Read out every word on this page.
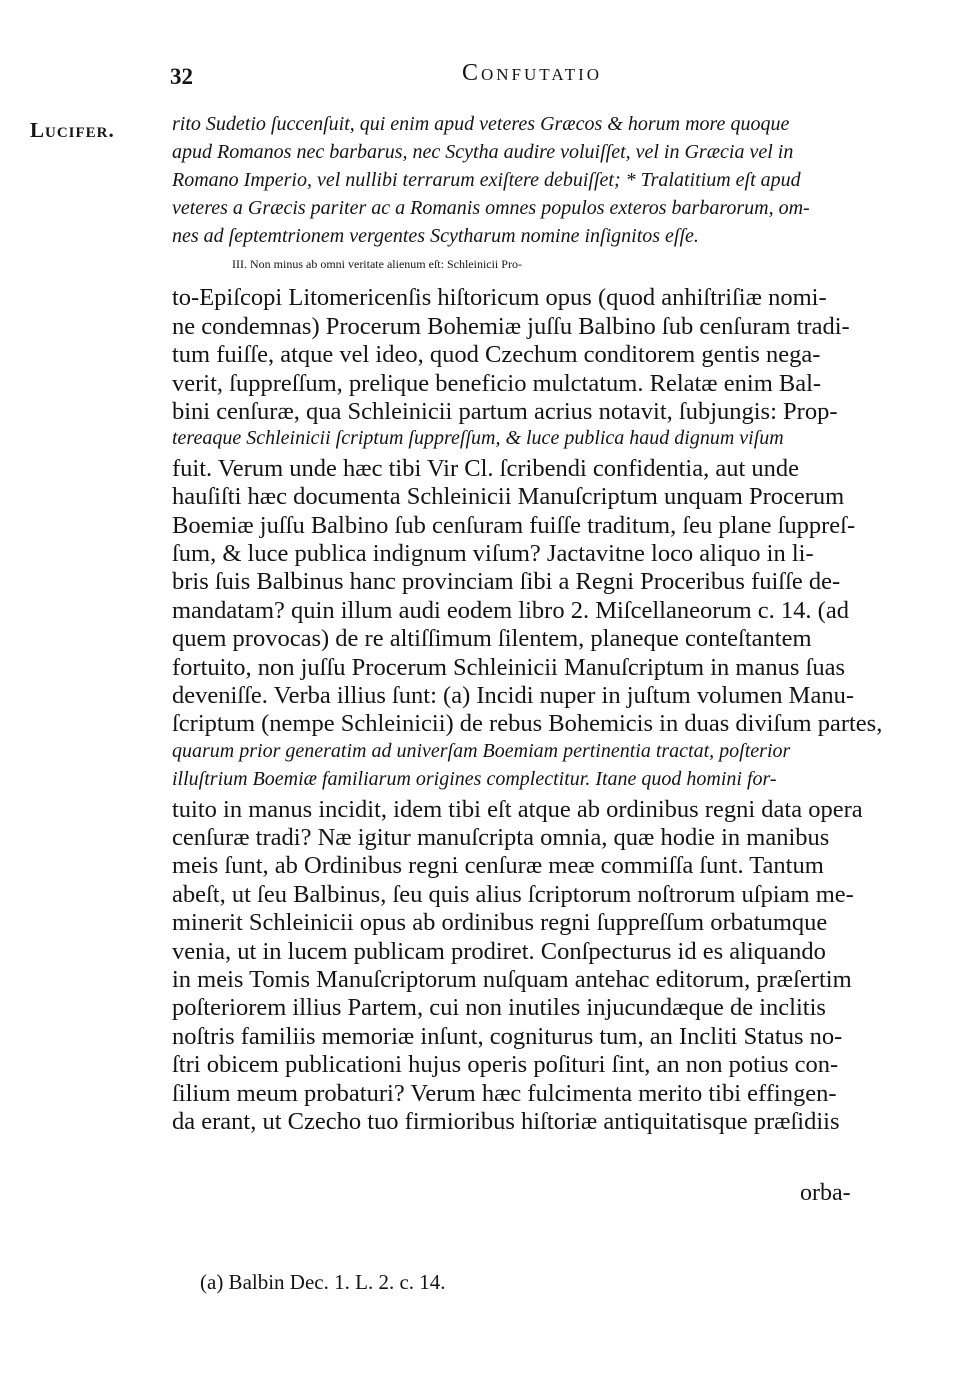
32	Confutatio
Lucifer.	rito Sudetio ſuccenſuit, qui enim apud veteres Græcos & horum more quoque
apud Romanos nec barbarus, nec Scytha audire voluiſſet, vel in Græcia vel in
Romano Imperio, vel nullibi terrarum exiſtere debuiſſet; * Tralatitium eſt apud
veteres a Græcis pariter ac a Romanis omnes populos exteros barbarorum, om-
nes ad ſeptemtrionem vergentes Scytharum nomine inſignitos eſſe.
III. Non minus ab omni veritate alienum eſt: Schleinicii Pro-
to-Epiſcopi Litomericenſis hiſtoricum opus (quod anhiſtriſiæ nomi-
ne condemnas) Procerum Bohemiæ juſſu Balbino ſub cenſuram tradi-
tum fuiſſe, atque vel ideo, quod Czechum conditorem gentis nega-
verit, ſuppreſſum, prelique beneficio mulctatum. Relatæ enim Bal-
bini cenſuræ, qua Schleinicii partum acrius notavit, ſubjungis: Prop-
tereaque Schleinicii ſcriptum ſuppreſſum, & luce publica haud dignum viſum
fuit. Verum unde hæc tibi Vir Cl. ſcribendi confidentia, aut unde
hauſiſti hæc documenta Schleinicii Manuſcriptum unquam Procerum
Boemiæ juſſu Balbino ſub cenſuram fuiſſe traditum, ſeu plane ſuppreſ-
ſum, & luce publica indignum viſum? Jactavitne loco aliquo in li-
bris ſuis Balbinus hanc provinciam ſibi a Regni Proceribus fuiſſe de-
mandatam? quin illum audi eodem libro 2. Miſcellaneorum c. 14. (ad
quem provocas) de re altiſſimum ſilentem, planeque conteſtantem
fortuito, non juſſu Procerum Schleinicii Manuſcriptum in manus ſuas
deveniſſe. Verba illius ſunt: (a) Incidi nuper in juſtum volumen Manu-
ſcriptum (nempe Schleinicii) de rebus Bohemicis in duas diviſum partes,
quarum prior generatim ad univerſam Boemiam pertinentia tractat, poſterior
illuſtrium Boemiæ familiarum origines complectitur. Itane quod homini for-
tuito in manus incidit, idem tibi eſt atque ab ordinibus regni data opera
cenſuræ tradi? Næ igitur manuſcripta omnia, quæ hodie in manibus
meis ſunt, ab Ordinibus regni cenſuræ meæ commiſſa ſunt. Tantum
abeſt, ut ſeu Balbinus, ſeu quis alius ſcriptorum noſtrorum uſpiam me-
minerit Schleinicii opus ab ordinibus regni ſuppreſſum orbatumque
venia, ut in lucem publicam prodiret. Conſpecturus id es aliquando
in meis Tomis Manuſcriptorum nuſquam antehac editorum, præſertim
poſteriorem illius Partem, cui non inutiles injucundæque de inclitis
noſtris familiis memoriæ inſunt, cogniturus tum, an Incliti Status no-
ſtri obicem publicationi hujus operis poſituri ſint, an non potius con-
ſilium meum probaturi? Verum hæc fulcimenta merito tibi effingen-
da erant, ut Czecho tuo firmioribus hiſtoriæ antiquitatisque præſidiis
orba-
(a) Balbin Dec. 1. L. 2. c. 14.
